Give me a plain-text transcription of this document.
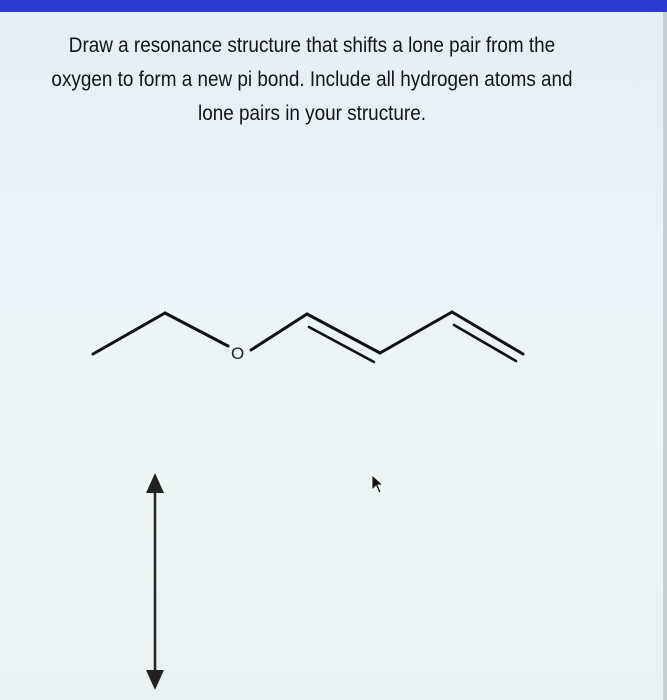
Draw a resonance structure that shifts a lone pair from the
oxygen to form a new pi bond. Include all hydrogen atoms and
lone pairs in your structure.
O
